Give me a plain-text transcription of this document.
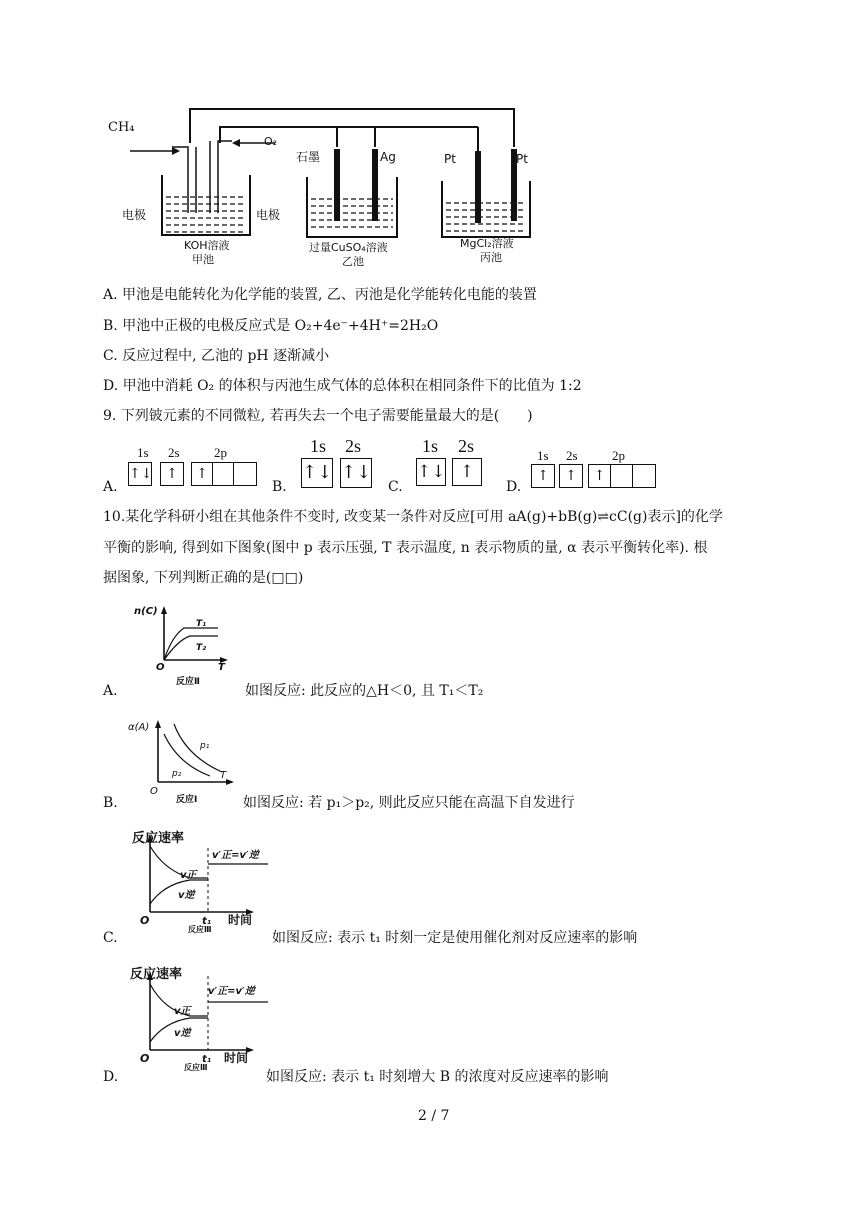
CH₄
O₂
石墨	Ag	Pt	Pt
电极	电极
KOH溶液
甲池
过量CuSO₄溶液
乙池
MgCl₂溶液
丙池
A. 甲池是电能转化为化学能的装置, 乙、丙池是化学能转化电能的装置
B. 甲池中正极的电极反应式是 O₂+4e⁻+4H⁺=2H₂O
C. 反应过程中, 乙池的 pH 逐渐减小
D. 甲池中消耗 O₂ 的体积与丙池生成气体的总体积在相同条件下的比值为 1:2
9. 下列铍元素的不同微粒, 若再失去一个电子需要能量最大的是(　　)
A.
1s 2s	2p
↑↓ ↑	↑
B.
1s 2s
↑↓ ↑↓
C.
1s 2s
↑↓ ↑
D.
1s 2s	2p
↑	↑	↑
10.某化学科研小组在其他条件不变时, 改变某一条件对反应[可用 aA(g)+bB(g)⇌cC(g)表示]的化学
平衡的影响, 得到如下图象(图中 p 表示压强, T 表示温度, n 表示物质的量, α 表示平衡转化率). 根
据图象, 下列判断正确的是(□□)
n(C)
T₁
T₂
O	T
反应Ⅱ
A.	如图反应: 此反应的△H＜0, 且 T₁＜T₂
α(A)
p₁
p₂
O
T
反应Ⅰ
B.	如图反应: 若 p₁＞p₂, 则此反应只能在高温下自发进行
反应速率
v′正=v′逆
v正
v逆
O	t₁ 时间
反应Ⅲ
C.	如图反应: 表示 t₁ 时刻一定是使用催化剂对反应速率的影响
反应速率
v′正=v′逆
v正
v逆
O	t₁ 时间
反应Ⅲ
D.	如图反应: 表示 t₁ 时刻增大 B 的浓度对反应速率的影响
2 / 7
